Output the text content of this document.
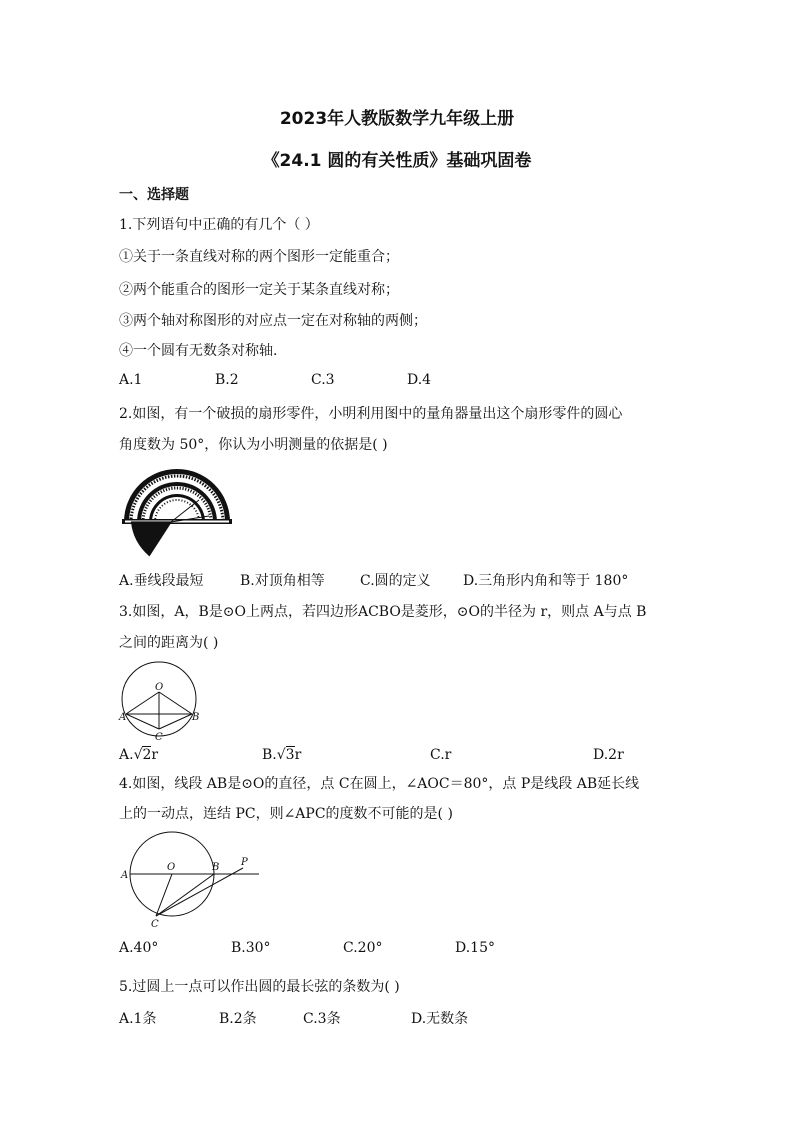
2023年人教版数学九年级上册
《24.1 圆的有关性质》基础巩固卷
一、选择题
1.下列语句中正确的有几个（ ）
①关于一条直线对称的两个图形一定能重合；
②两个能重合的图形一定关于某条直线对称；
③两个轴对称图形的对应点一定在对称轴的两侧；
④一个圆有无数条对称轴.
A.1	B.2	C.3	D.4
2.如图，有一个破损的扇形零件，小明利用图中的量角器量出这个扇形零件的圆心
角度数为 50°，你认为小明测量的依据是( )
A.垂线段最短	B.对顶角相等	C.圆的定义 D.三角形内角和等于 180°
3.如图，A，B是⊙O上两点，若四边形ACBO是菱形，⊙O的半径为 r，则点 A与点 B
之间的距离为( )
O
A	B
C
A.√2r	B.√3r	C.r	D.2r
4.如图，线段 AB是⊙O的直径，点 C在圆上，∠AOC＝80°，点 P是线段 AB延长线
上的一动点，连结 PC，则∠APC的度数不可能的是( )
A
O	B P
C
A.40°	B.30°	C.20°	D.15°
5.过圆上一点可以作出圆的最长弦的条数为( )
A.1条	B.2条	C.3条	D.无数条
